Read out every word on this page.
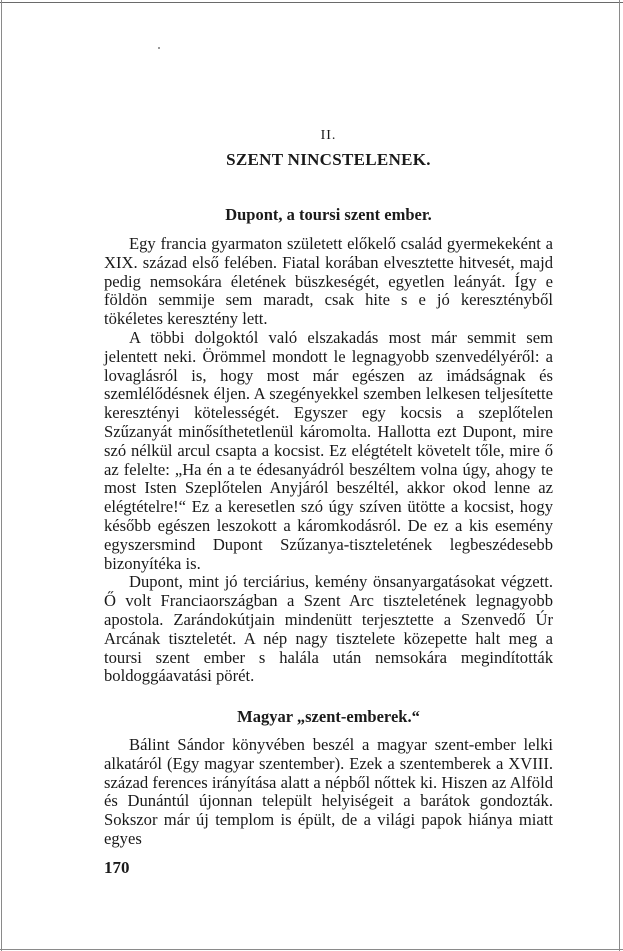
II.
SZENT NINCSTELENEK.
Dupont, a toursi szent ember.

Egy francia gyarmaton született előkelő család gyermekeként a XIX. század első felében. Fiatal korában elvesztette hitvesét, majd pedig nemsokára életének büszkeségét, egyetlen leányát. Így e földön semmije sem maradt, csak hite s e jó keresztényből tökéletes keresztény lett.

A többi dolgoktól való elszakadás most már semmit sem jelentett neki. Örömmel mondott le legnagyobb szenvedélyéről: a lovaglásról is, hogy most már egészen az imádságnak és szemlélődésnek éljen. A szegényekkel szemben lelkesen teljesítette keresztényi kötelességét. Egyszer egy kocsis a szeplőtelen Szűzanyát minősíthetetlenül káromolta. Hallotta ezt Dupont, mire szó nélkül arcul csapta a kocsist. Ez elégtételt követelt tőle, mire ő az felelte: „Ha én a te édesanyádról beszéltem volna úgy, ahogy te most Isten Szeplőtelen Anyjáról beszéltél, akkor okod lenne az elégtételre!“ Ez a keresetlen szó úgy szíven ütötte a kocsist, hogy később egészen leszokott a káromkodásról. De ez a kis esemény egyszersmind Dupont Szűzanya-tiszteletének legbeszédesebb bizonyítéka is.

Dupont, mint jó terciárius, kemény önsanyargatásokat végzett. Ő volt Franciaországban a Szent Arc tiszteletének legnagyobb apostola. Zarándokútjain mindenütt terjesztette a Szenvedő Úr Arcának tiszteletét. A nép nagy tisztelete közepette halt meg a toursi szent ember s halála után nemsokára megindították boldoggáavatási pörét.

Magyar „szent-emberek.“

Bálint Sándor könyvében beszél a magyar szent-ember lelki alkatáról (Egy magyar szentember). Ezek a szentemberek a XVIII. század ferences irányítása alatt a népből nőttek ki. Hiszen az Alföld és Dunántúl újonnan települt helyiségeit a barátok gondozták. Sokszor már új templom is épült, de a világi papok hiánya miatt egyes

170
